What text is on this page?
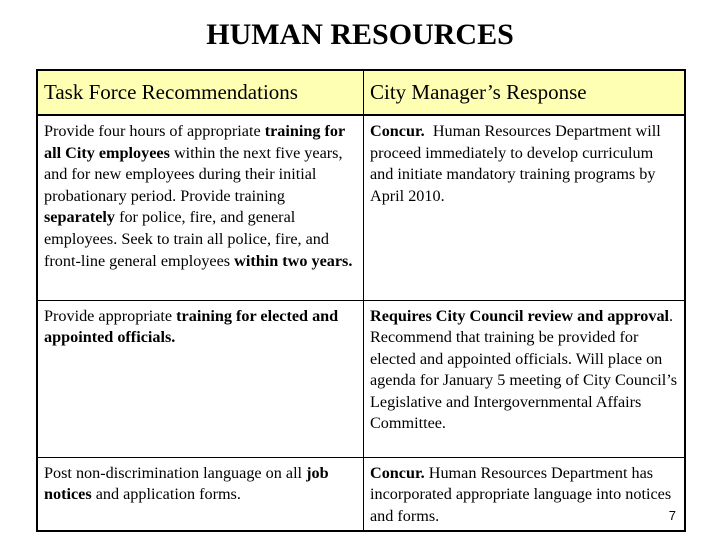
HUMAN RESOURCES
Task Force Recommendations	City Manager’s Response
Provide four hours of appropriate training for all City employees within the next five years, and for new employees during their initial probationary period. Provide training separately for police, fire, and general employees. Seek to train all police, fire, and front-line general employees within two years.	Concur.  Human Resources Department will proceed immediately to develop curriculum and initiate mandatory training programs by April 2010.
Provide appropriate training for elected and appointed officials.	Requires City Council review and approval. Recommend that training be provided for elected and appointed officials. Will place on agenda for January 5 meeting of City Council’s Legislative and Intergovernmental Affairs Committee.
Post non-discrimination language on all job notices and application forms.	Concur. Human Resources Department has incorporated appropriate language into notices and forms. 7
